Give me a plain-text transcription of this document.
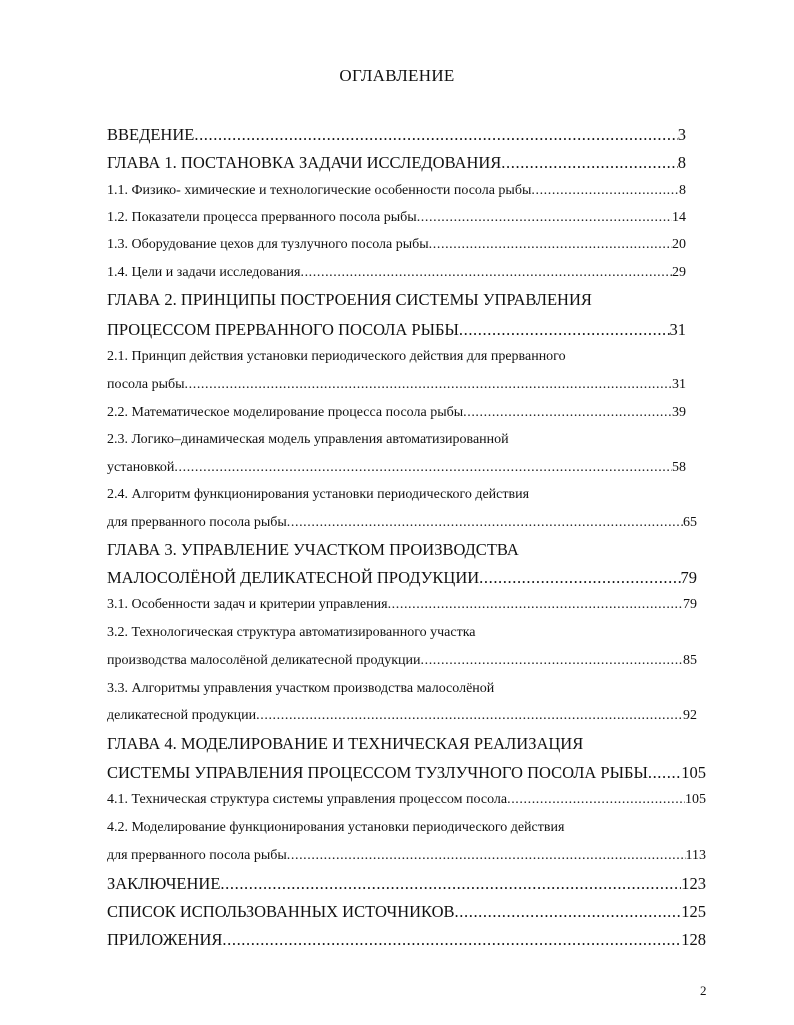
ОГЛАВЛЕНИЕ
ВВЕДЕНИЕ .....	3
ГЛАВА 1. ПОСТАНОВКА ЗАДАЧИ ИССЛЕДОВАНИЯ .....	8
1.1. Физико- химические и технологические особенности посола рыбы .....	8
1.2. Показатели процесса прерванного посола рыбы .....	14
1.3. Оборудование цехов для тузлучного посола рыбы .....	20
1.4. Цели и задачи исследования .....	29
ГЛАВА 2. ПРИНЦИПЫ ПОСТРОЕНИЯ СИСТЕМЫ УПРАВЛЕНИЯ
ПРОЦЕССОМ ПРЕРВАННОГО ПОСОЛА РЫБЫ .....	31
2.1. Принцип действия установки периодического действия для прерванного
посола рыбы .....	31
2.2. Математическое моделирование процесса посола рыбы .....	39
2.3. Логико–динамическая модель управления автоматизированной
установкой .....	58
2.4. Алгоритм функционирования установки периодического действия
для прерванного посола рыбы .....	65
ГЛАВА 3. УПРАВЛЕНИЕ УЧАСТКОМ ПРОИЗВОДСТВА
МАЛОСОЛЁНОЙ ДЕЛИКАТЕСНОЙ ПРОДУКЦИИ .....	79
3.1. Особенности задач и критерии управления .....	79
3.2. Технологическая структура автоматизированного участка
производства малосолёной деликатесной продукции .....	85
3.3. Алгоритмы управления участком производства малосолёной
деликатесной продукции .....	92
ГЛАВА 4. МОДЕЛИРОВАНИЕ И ТЕХНИЧЕСКАЯ РЕАЛИЗАЦИЯ
СИСТЕМЫ УПРАВЛЕНИЯ ПРОЦЕССОМ ТУЗЛУЧНОГО ПОСОЛА РЫБЫ ..... 105
4.1. Техническая структура системы управления процессом посола .....	105
4.2. Моделирование функционирования установки периодического действия
для прерванного посола рыбы .....	113
ЗАКЛЮЧЕНИЕ .....	123
СПИСОК ИСПОЛЬЗОВАННЫХ ИСТОЧНИКОВ .....	125
ПРИЛОЖЕНИЯ .....	128
2
